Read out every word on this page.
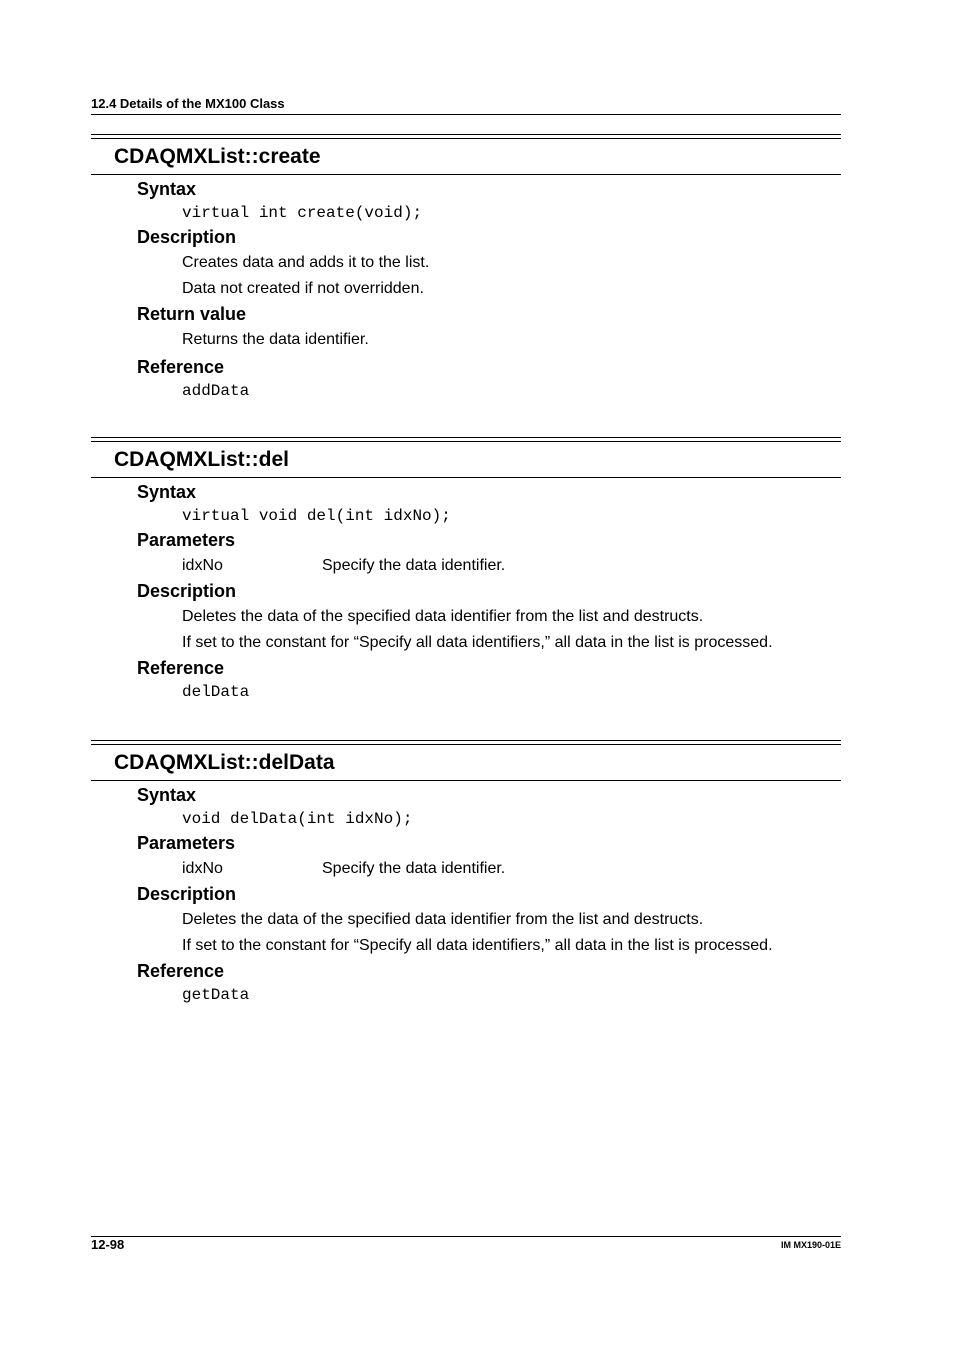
12.4 Details of the MX100 Class
CDAQMXList::create
Syntax
virtual int create(void);
Description
Creates data and adds it to the list.
Data not created if not overridden.
Return value
Returns the data identifier.
Reference
addData
CDAQMXList::del
Syntax
virtual void del(int idxNo);
Parameters
idxNo	Specify the data identifier.
Description
Deletes the data of the specified data identifier from the list and destructs.
If set to the constant for “Specify all data identifiers,” all data in the list is processed.
Reference
delData
CDAQMXList::delData
Syntax
void delData(int idxNo);
Parameters
idxNo	Specify the data identifier.
Description
Deletes the data of the specified data identifier from the list and destructs.
If set to the constant for “Specify all data identifiers,” all data in the list is processed.
Reference
getData
12-98	IM MX190-01E
